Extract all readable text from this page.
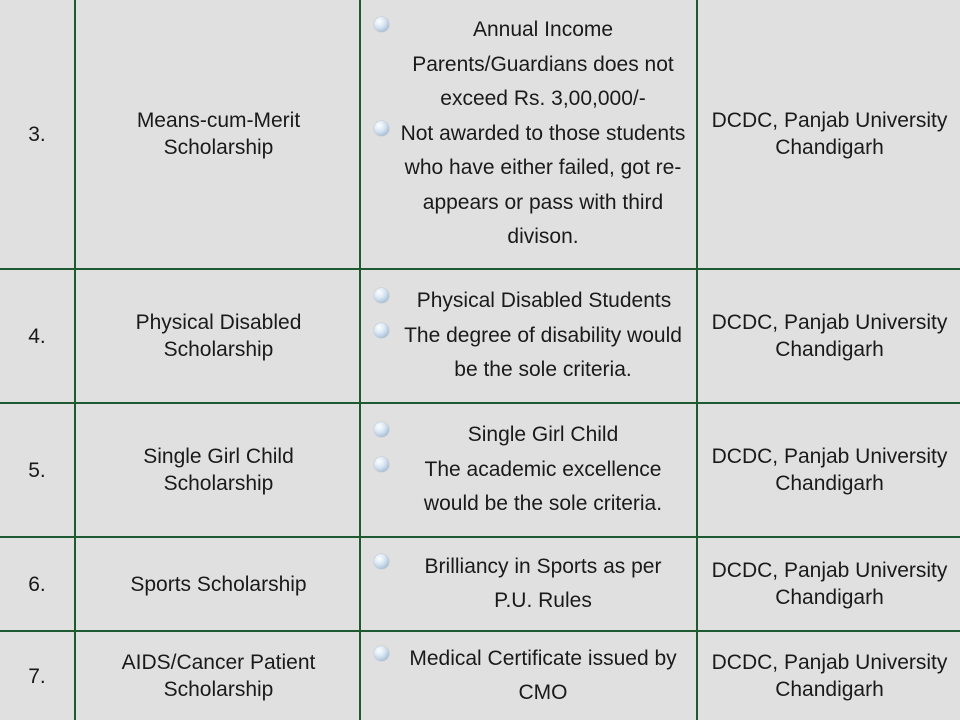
3.
Means-cum-Merit Scholarship
Annual Income Parents/Guardians does not exceed Rs. 3,00,000/-
Not awarded to those students who have either failed, got re-appears or pass with third divison.
DCDC, Panjab University Chandigarh
4.
Physical Disabled Scholarship
Physical Disabled Students
The degree of disability would be the sole criteria.
DCDC, Panjab University Chandigarh
5.
Single Girl Child Scholarship
Single Girl Child
The academic excellence would be the sole criteria.
DCDC, Panjab University Chandigarh
6.	Sports Scholarship
Brilliancy in Sports as per P.U. Rules
DCDC, Panjab University Chandigarh
7.
AIDS/Cancer Patient Scholarship
Medical Certificate issued by CMO
DCDC, Panjab University Chandigarh
